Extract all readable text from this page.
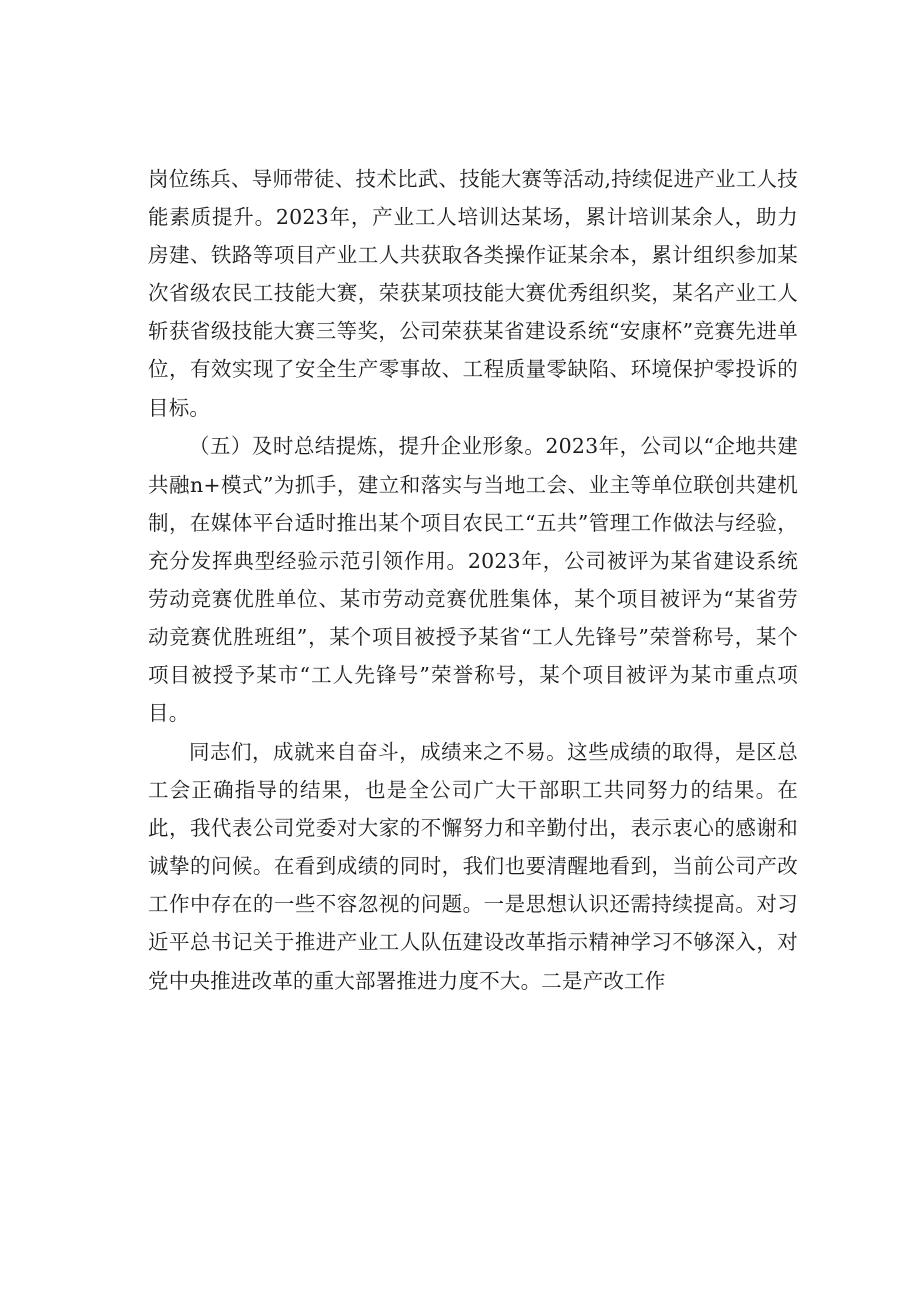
岗位练兵、导师带徒、技术比武、技能大赛等活动,持续促进产业工人技能素质提升。2023年，产业工人培训达某场，累计培训某余人，助力房建、铁路等项目产业工人共获取各类操作证某余本，累计组织参加某次省级农民工技能大赛，荣获某项技能大赛优秀组织奖，某名产业工人斩获省级技能大赛三等奖，公司荣获某省建设系统“安康杯”竞赛先进单位，有效实现了安全生产零事故、工程质量零缺陷、环境保护零投诉的目标。

（五）及时总结提炼，提升企业形象。2023年，公司以“企地共建共融n+模式”为抓手，建立和落实与当地工会、业主等单位联创共建机制，在媒体平台适时推出某个项目农民工“五共”管理工作做法与经验，充分发挥典型经验示范引领作用。2023年，公司被评为某省建设系统劳动竞赛优胜单位、某市劳动竞赛优胜集体，某个项目被评为“某省劳动竞赛优胜班组”，某个项目被授予某省“工人先锋号”荣誉称号，某个项目被授予某市“工人先锋号”荣誉称号，某个项目被评为某市重点项目。

同志们，成就来自奋斗，成绩来之不易。这些成绩的取得，是区总工会正确指导的结果，也是全公司广大干部职工共同努力的结果。在此，我代表公司党委对大家的不懈努力和辛勤付出，表示衷心的感谢和诚挚的问候。在看到成绩的同时，我们也要清醒地看到，当前公司产改工作中存在的一些不容忽视的问题。一是思想认识还需持续提高。对习近平总书记关于推进产业工人队伍建设改革指示精神学习不够深入，对党中央推进改革的重大部署推进力度不大。二是产改工作
